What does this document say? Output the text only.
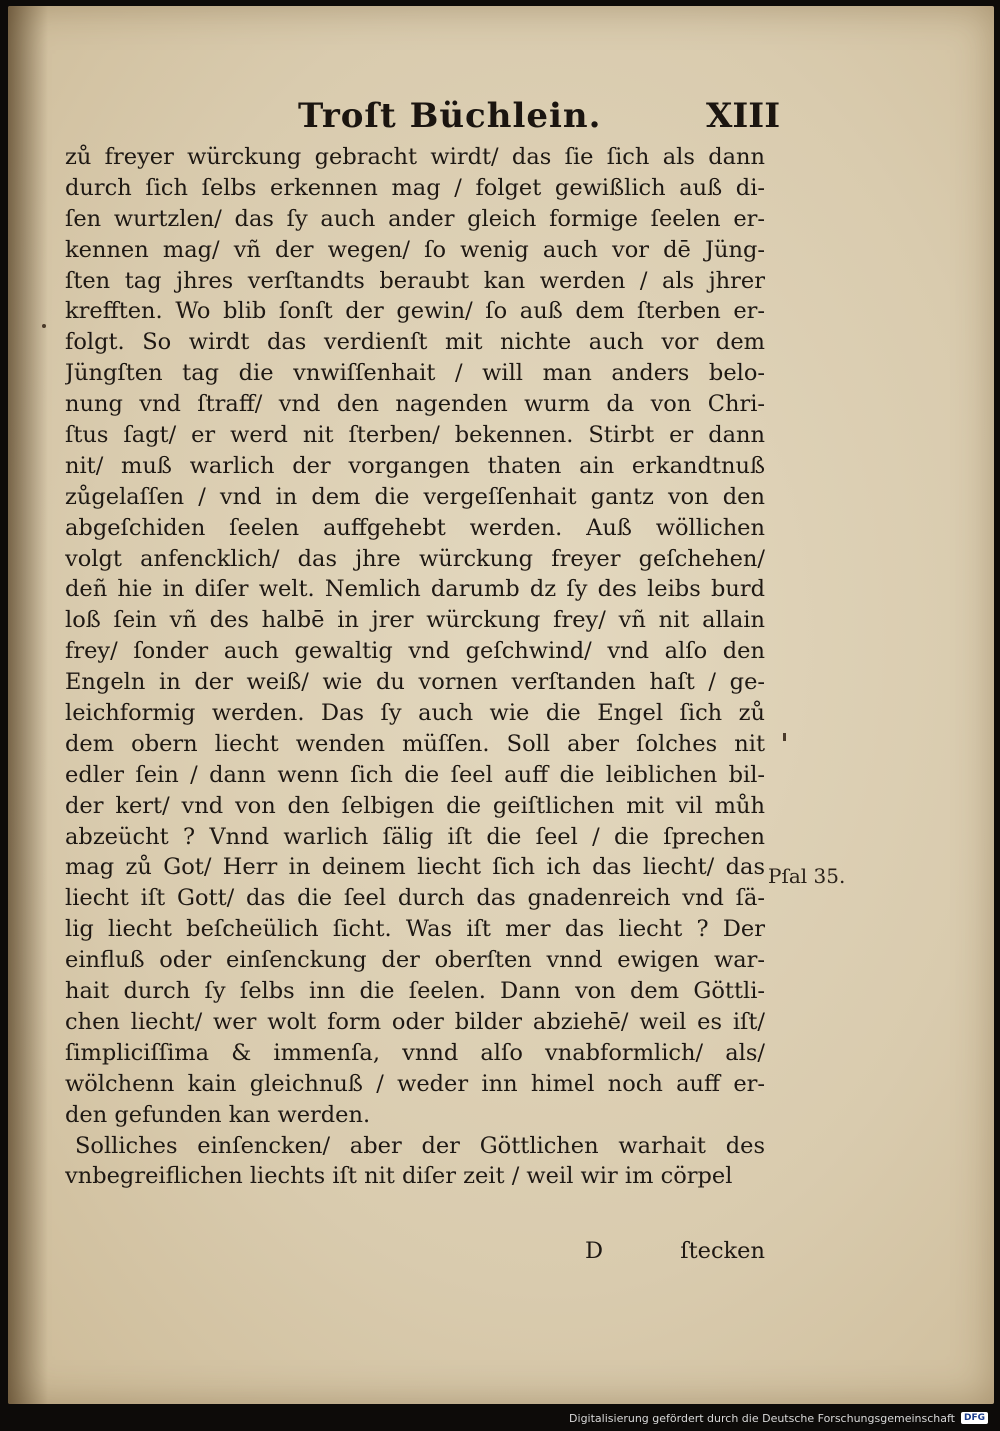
Troſt Büchlein.	XIII
zů freyer würckung gebracht wirdt/ das ſie ſich als dann
durch ſich ſelbs erkennen mag / folget gewißlich auß di-
ſen wurtzlen/ das ſy auch ander gleich formige ſeelen er-
kennen mag/ vñ der wegen/ ſo wenig auch vor dē Jüng-
ſten tag jhres verſtandts beraubt kan werden / als jhrer
krefften. Wo blib ſonſt der gewin/ ſo auß dem ſterben er-
folgt. So wirdt das verdienſt mit nichte auch vor dem
Jüngſten tag die vnwiſſenhait / will man anders belo-
nung vnd ſtraff/ vnd den nagenden wurm da von Chri-
ſtus ſagt/ er werd nit ſterben/ bekennen. Stirbt er dann
nit/ muß warlich der vorgangen thaten ain erkandtnuß
zůgelaſſen / vnd in dem die vergeſſenhait gantz von den
abgeſchiden ſeelen auffgehebt werden. Auß wöllichen
volgt anfencklich/ das jhre würckung freyer geſchehen/
deñ hie in diſer welt. Nemlich darumb dz ſy des leibs burd
loß ſein vñ des halbē in jrer würckung frey/ vñ nit allain
frey/ ſonder auch gewaltig vnd geſchwind/ vnd alſo den
Engeln in der weiß/ wie du vornen verſtanden haſt / ge-
leichformig werden. Das ſy auch wie die Engel ſich zů
dem obern liecht wenden müſſen. Soll aber ſolches nit
edler ſein / dann wenn ſich die ſeel auff die leiblichen bil-
der kert/ vnd von den ſelbigen die geiſtlichen mit vil můh
abzeücht ? Vnnd warlich ſälig iſt die ſeel / die ſprechen
mag zů Got/ Herr in deinem liecht ſich ich das liecht/ das
liecht iſt Gott/ das die ſeel durch das gnadenreich vnd ſä-
lig liecht beſcheülich ſicht. Was iſt mer das liecht ? Der
einfluß oder einſenckung der oberſten vnnd ewigen war-
hait durch ſy ſelbs inn die ſeelen. Dann von dem Göttli-
chen liecht/ wer wolt form oder bilder abziehē/ weil es iſt/
ſimpliciſſima & immenſa, vnnd alſo vnabformlich/ als/
wölchenn kain gleichnuß / weder inn himel noch auff er-
den gefunden kan werden.
Solliches einſencken/ aber der Göttlichen warhait des
vnbegreiflichen liechts iſt nit diſer zeit / weil wir im cörpel
Pſal 35.
D	ſtecken
Digitalisierung gefördert durch die Deutsche Forschungsgemeinschaft	DFG
